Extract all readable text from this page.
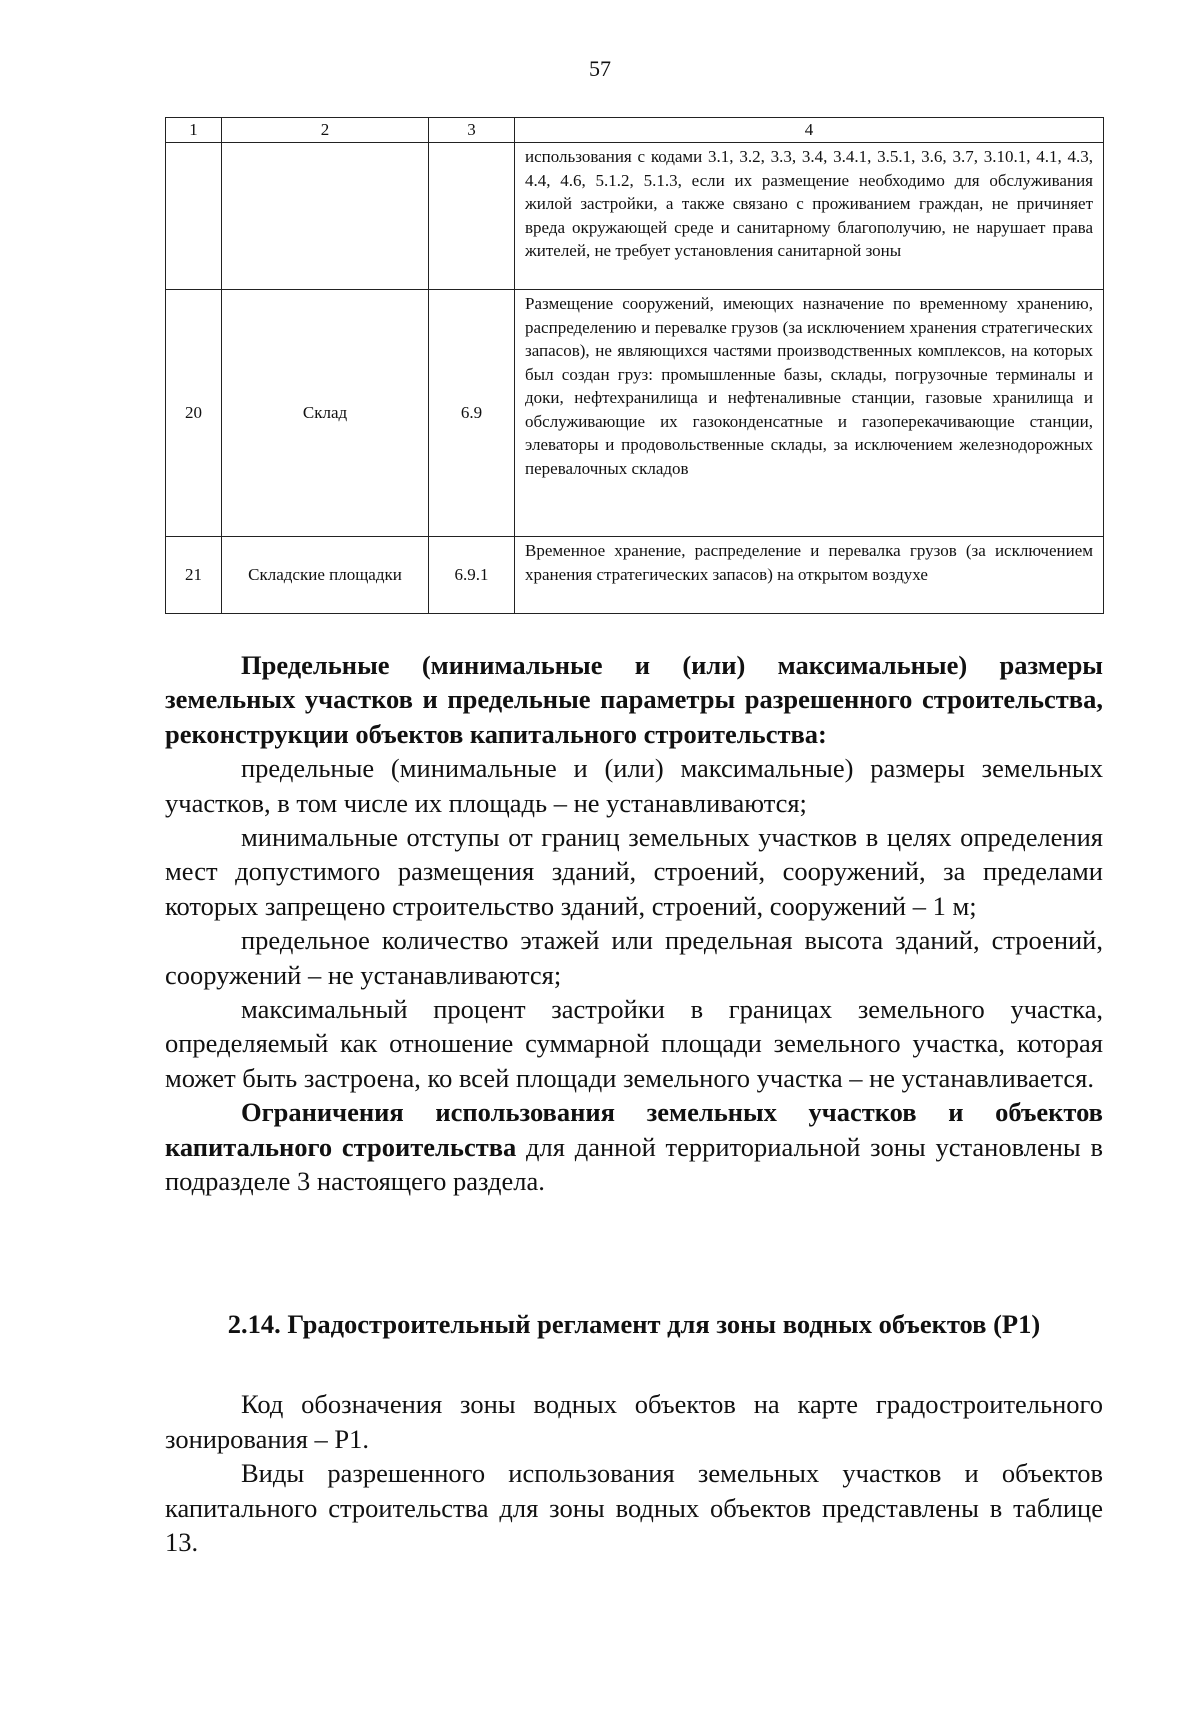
57
1	2	3	4
			использования с кодами 3.1, 3.2, 3.3, 3.4, 3.4.1, 3.5.1, 3.6, 3.7, 3.10.1, 4.1, 4.3, 4.4, 4.6, 5.1.2, 5.1.3, если их размещение необходимо для обслуживания жилой застройки, а также связано с проживанием граждан, не причиняет вреда окружающей среде и санитарному благополучию, не нарушает права жителей, не требует установления санитарной зоны
20	Склад	6.9	Размещение сооружений, имеющих назначение по временному хранению, распределению и перевалке грузов (за исключением хранения стратегических запасов), не являющихся частями производственных комплексов, на которых был создан груз: промышленные базы, склады, погрузочные терминалы и доки, нефтехранилища и нефтеналивные станции, газовые хранилища и обслуживающие их газоконденсатные и газоперекачивающие станции, элеваторы и продовольственные склады, за исключением железнодорожных перевалочных складов
21	Складские площадки	6.9.1	Временное хранение, распределение и перевалка грузов (за исключением хранения стратегических запасов) на открытом воздухе

Предельные (минимальные и (или) максимальные) размеры земельных участков и предельные параметры разрешенного строительства, реконструкции объектов капитального строительства:

предельные (минимальные и (или) максимальные) размеры земельных участков, в том числе их площадь – не устанавливаются;

минимальные отступы от границ земельных участков в целях определения мест допустимого размещения зданий, строений, сооружений, за пределами которых запрещено строительство зданий, строений, сооружений – 1 м;

предельное количество этажей или предельная высота зданий, строений, сооружений – не устанавливаются;

максимальный процент застройки в границах земельного участка, определяемый как отношение суммарной площади земельного участка, которая может быть застроена, ко всей площади земельного участка – не устанавливается.

Ограничения использования земельных участков и объектов капитального строительства для данной территориальной зоны установлены в подразделе 3 настоящего раздела.

2.14. Градостроительный регламент для зоны водных объектов (Р1)

Код обозначения зоны водных объектов на карте градостроительного зонирования – Р1.

Виды разрешенного использования земельных участков и объектов капитального строительства для зоны водных объектов представлены в таблице 13.
